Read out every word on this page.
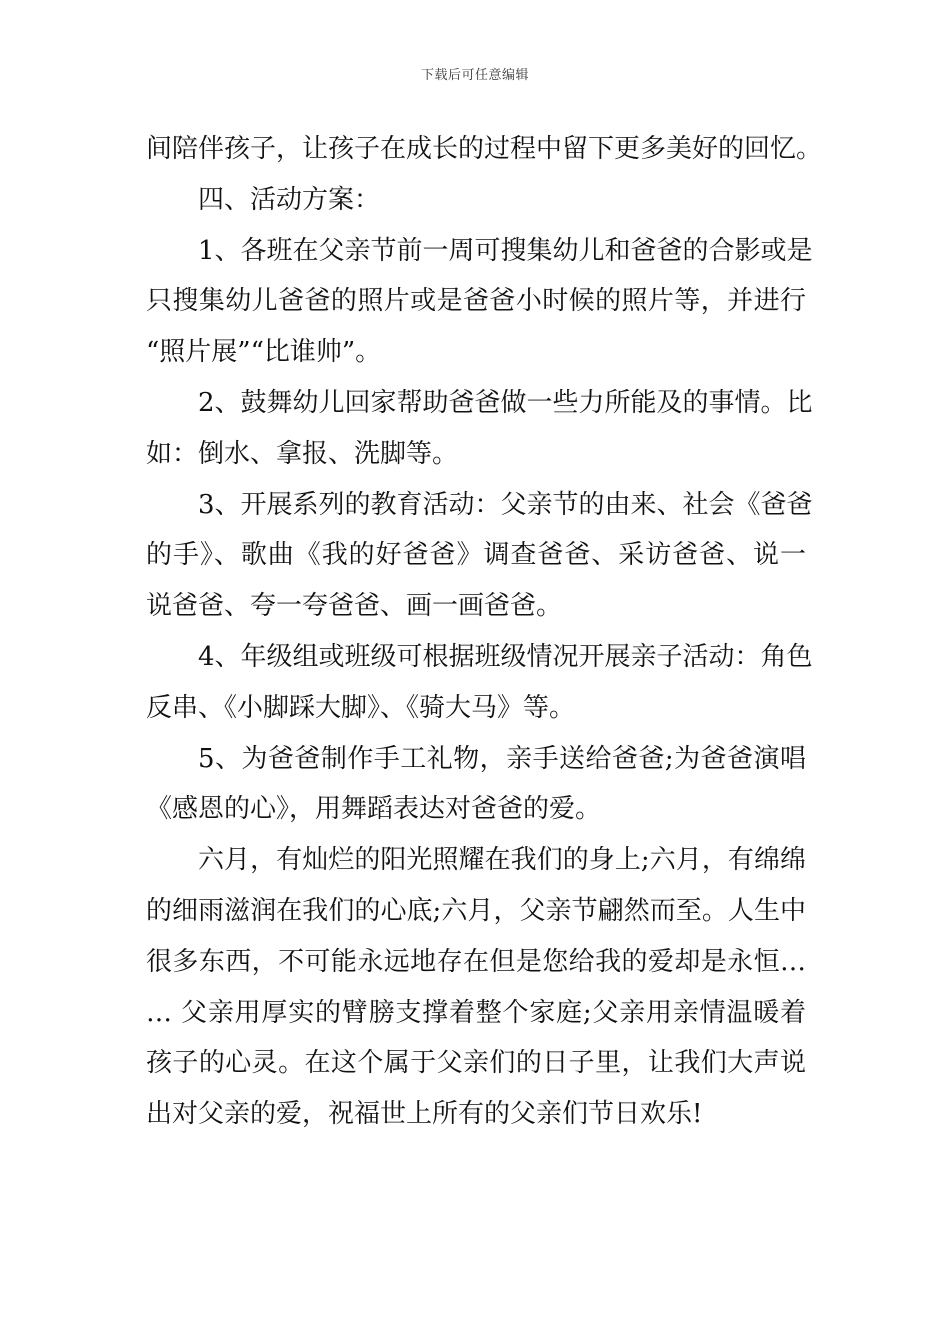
下载后可任意编辑
间陪伴孩子，让孩子在成长的过程中留下更多美好的回忆。
四、活动方案：
1、各班在父亲节前一周可搜集幼儿和爸爸的合影或是
只搜集幼儿爸爸的照片或是爸爸小时候的照片等，并进行
“照片展”“比谁帅”。
2、鼓舞幼儿回家帮助爸爸做一些力所能及的事情。比
如：倒水、拿报、洗脚等。
3、开展系列的教育活动：父亲节的由来、社会《爸爸
的手》、歌曲《我的好爸爸》调查爸爸、采访爸爸、说一
说爸爸、夸一夸爸爸、画一画爸爸。
4、年级组或班级可根据班级情况开展亲子活动：角色
反串、《小脚踩大脚》、《骑大马》等。
5、为爸爸制作手工礼物，亲手送给爸爸;为爸爸演唱
《感恩的心》，用舞蹈表达对爸爸的爱。
六月，有灿烂的阳光照耀在我们的身上;六月，有绵绵
的细雨滋润在我们的心底;六月，父亲节翩然而至。人生中
很多东西，不可能永远地存在但是您给我的爱却是永恒…
… 父亲用厚实的臂膀支撑着整个家庭;父亲用亲情温暖着
孩子的心灵。在这个属于父亲们的日子里，让我们大声说
出对父亲的爱，祝福世上所有的父亲们节日欢乐!
